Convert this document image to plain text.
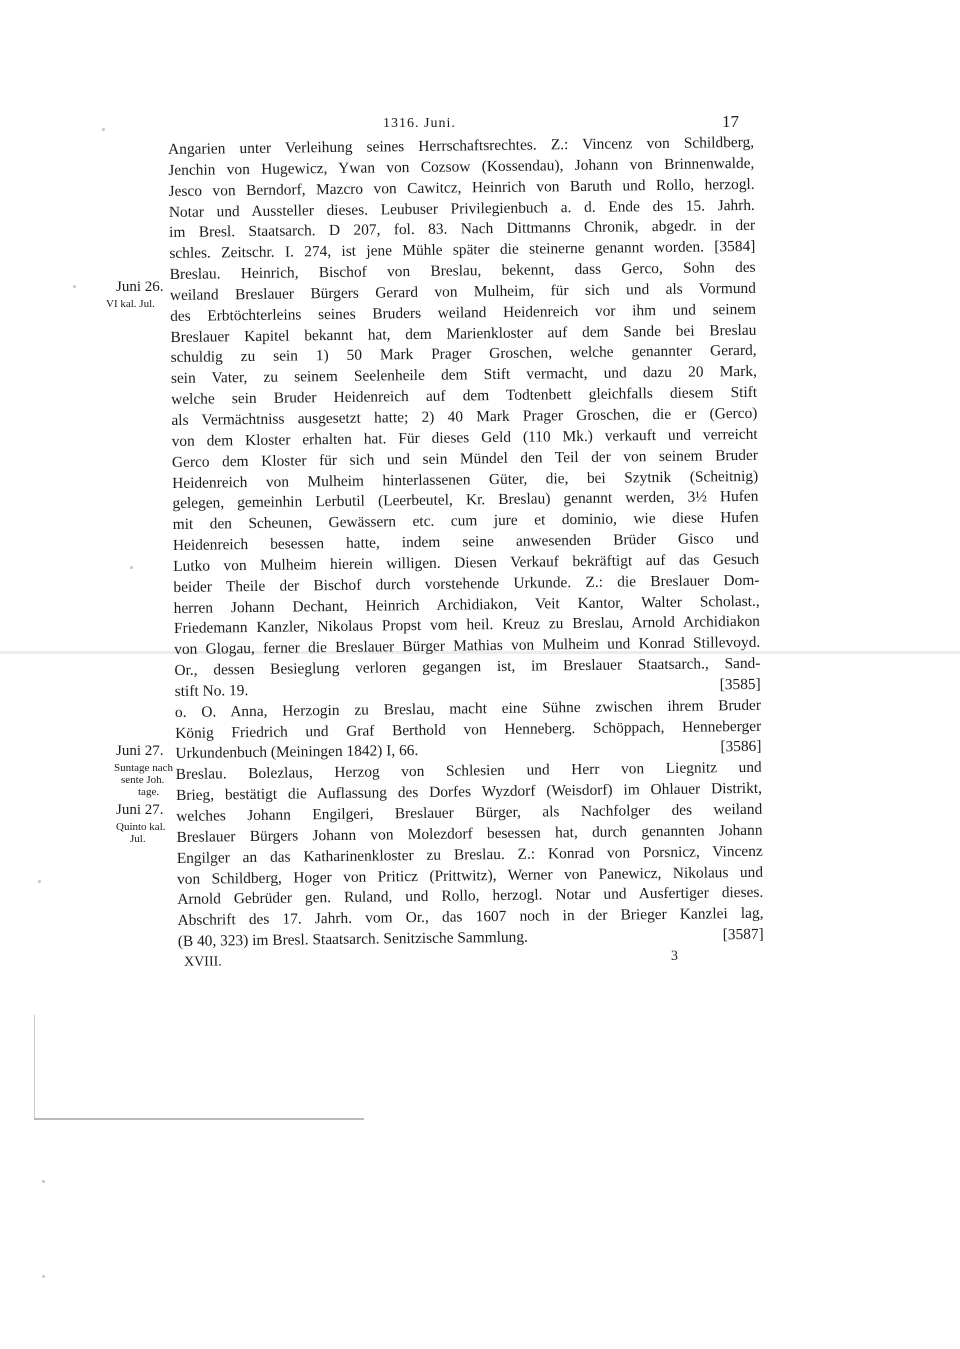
1316. Juni.	17
Juni 26.
VI kal. Jul.
Juni 27.
Suntage nach
sente Joh.
tage.
Juni 27.
Quinto kal.
Jul.
Angarien unter Verleihung seines Herrschaftsrechtes. Z.: Vincenz von Schildberg,
Jenchin von Hugewicz, Ywan von Cozsow (Kossendau), Johann von Brinnenwalde,
Jesco von Berndorf, Mazcro von Cawitcz, Heinrich von Baruth und Rollo, herzogl.
Notar und Aussteller dieses. Leubuser Privilegienbuch a. d. Ende des 15. Jahrh.
im Bresl. Staatsarch. D 207, fol. 83. Nach Dittmanns Chronik, abgedr. in der
schles. Zeitschr. I. 274, ist jene Mühle später die steinerne genannt worden. [3584]
Breslau. Heinrich, Bischof von Breslau, bekennt, dass Gerco, Sohn des
weiland Breslauer Bürgers Gerard von Mulheim, für sich und als Vormund
des Erbtöchterleins seines Bruders weiland Heidenreich vor ihm und seinem
Breslauer Kapitel bekannt hat, dem Marienkloster auf dem Sande bei Breslau
schuldig zu sein 1) 50 Mark Prager Groschen, welche genannter Gerard,
sein Vater, zu seinem Seelenheile dem Stift vermacht, und dazu 20 Mark,
welche sein Bruder Heidenreich auf dem Todtenbett gleichfalls diesem Stift
als Vermächtniss ausgesetzt hatte; 2) 40 Mark Prager Groschen, die er (Gerco)
von dem Kloster erhalten hat. Für dieses Geld (110 Mk.) verkauft und verreicht
Gerco dem Kloster für sich und sein Mündel den Teil der von seinem Bruder
Heidenreich von Mulheim hinterlassenen Güter, die, bei Szytnik (Scheitnig)
gelegen, gemeinhin Lerbutil (Leerbeutel, Kr. Breslau) genannt werden, 3½ Hufen
mit den Scheunen, Gewässern etc. cum jure et dominio, wie diese Hufen
Heidenreich besessen hatte, indem seine anwesenden Brüder Gisco und
Lutko von Mulheim hierein willigen. Diesen Verkauf bekräftigt auf das Gesuch
beider Theile der Bischof durch vorstehende Urkunde. Z.: die Breslauer Dom-
herren Johann Dechant, Heinrich Archidiakon, Veit Kantor, Walter Scholast.,
Friedemann Kanzler, Nikolaus Propst vom heil. Kreuz zu Breslau, Arnold Archidiakon
von Glogau, ferner die Breslauer Bürger Mathias von Mulheim und Konrad Stillevoyd.
Or., dessen Besieglung verloren gegangen ist, im Breslauer Staatsarch., Sand-
stift No. 19.	[3585]
o. O. Anna, Herzogin zu Breslau, macht eine Sühne zwischen ihrem Bruder
König Friedrich und Graf Berthold von Henneberg. Schöppach, Henneberger
Urkundenbuch (Meiningen 1842) I, 66.	[3586]
Breslau. Bolezlaus, Herzog von Schlesien und Herr von Liegnitz und
Brieg, bestätigt die Auflassung des Dorfes Wyzdorf (Weisdorf) im Ohlauer Distrikt,
welches Johann Engilgeri, Breslauer Bürger, als Nachfolger des weiland
Breslauer Bürgers Johann von Molezdorf besessen hat, durch genannten Johann
Engilger an das Katharinenkloster zu Breslau. Z.: Konrad von Porsnicz, Vincenz
von Schildberg, Hoger von Priticz (Prittwitz), Werner von Panewicz, Nikolaus und
Arnold Gebrüder gen. Ruland, und Rollo, herzogl. Notar und Ausfertiger dieses.
Abschrift des 17. Jahrh. vom Or., das 1607 noch in der Brieger Kanzlei lag,
(B 40, 323) im Bresl. Staatsarch. Senitzische Sammlung.	[3587]
XVIII.	3
